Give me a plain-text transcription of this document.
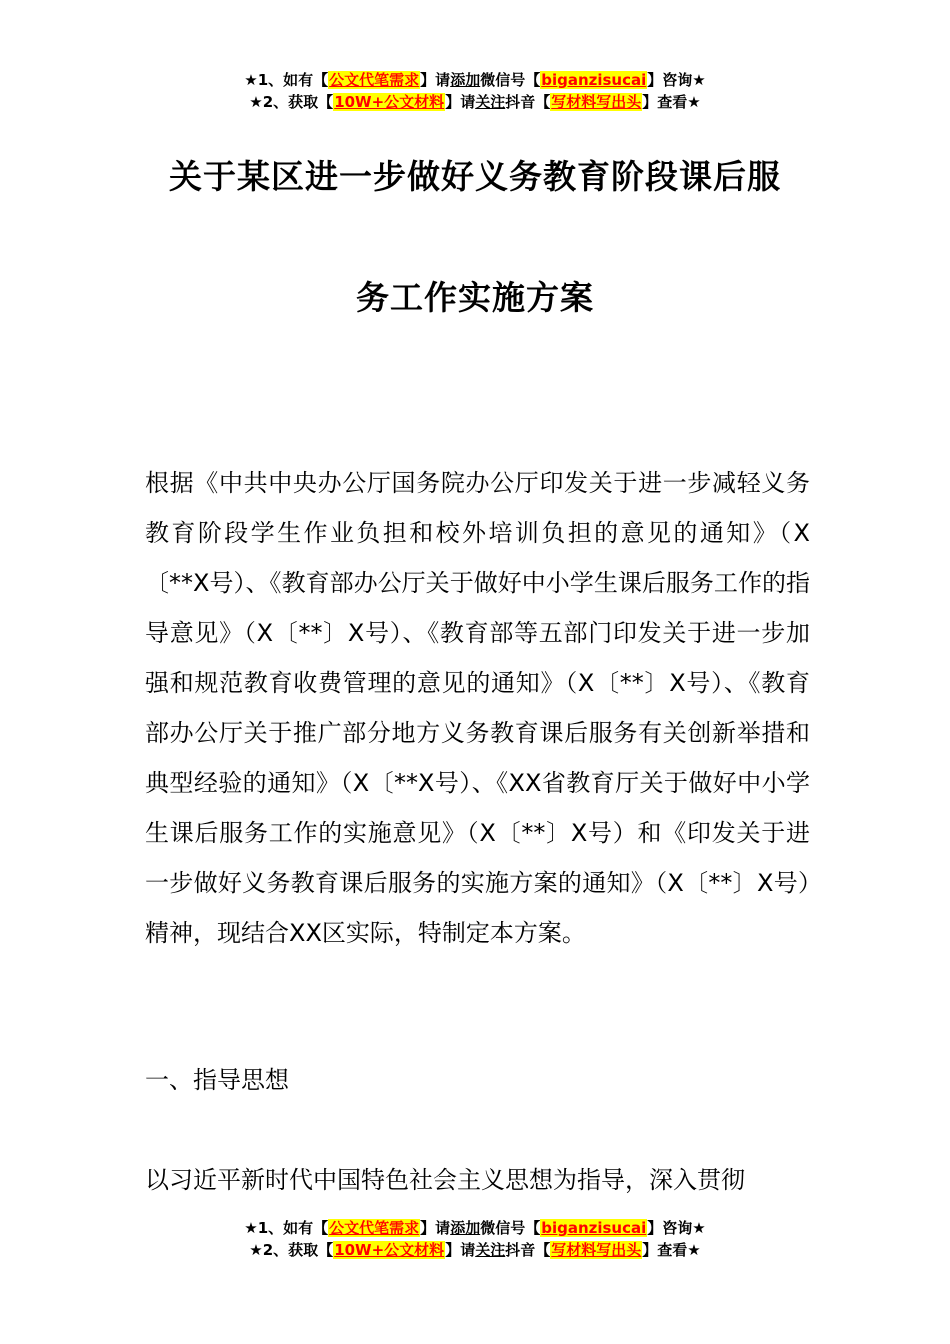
★1、如有【公文代笔需求】请添加微信号【biganzisucai】咨询★
★2、获取【10W+公文材料】请关注抖音【写材料写出头】查看★
关于某区进一步做好义务教育阶段课后服
务工作实施方案
根据《中共中央办公厅国务院办公厅印发关于进一步减轻义务教育阶段学生作业负担和校外培训负担的意见的通知》（X〔**X号）、《教育部办公厅关于做好中小学生课后服务工作的指导意见》（X〔**〕X号）、《教育部等五部门印发关于进一步加强和规范教育收费管理的意见的通知》（X〔**〕X号）、《教育部办公厅关于推广部分地方义务教育课后服务有关创新举措和典型经验的通知》（X〔**X号）、《XX省教育厅关于做好中小学生课后服务工作的实施意见》（X〔**〕X号）和《印发关于进一步做好义务教育课后服务的实施方案的通知》（X〔**〕X号）精神，现结合XX区实际，特制定本方案。
一、指导思想
以习近平新时代中国特色社会主义思想为指导，深入贯彻
★1、如有【公文代笔需求】请添加微信号【biganzisucai】咨询★
★2、获取【10W+公文材料】请关注抖音【写材料写出头】查看★
